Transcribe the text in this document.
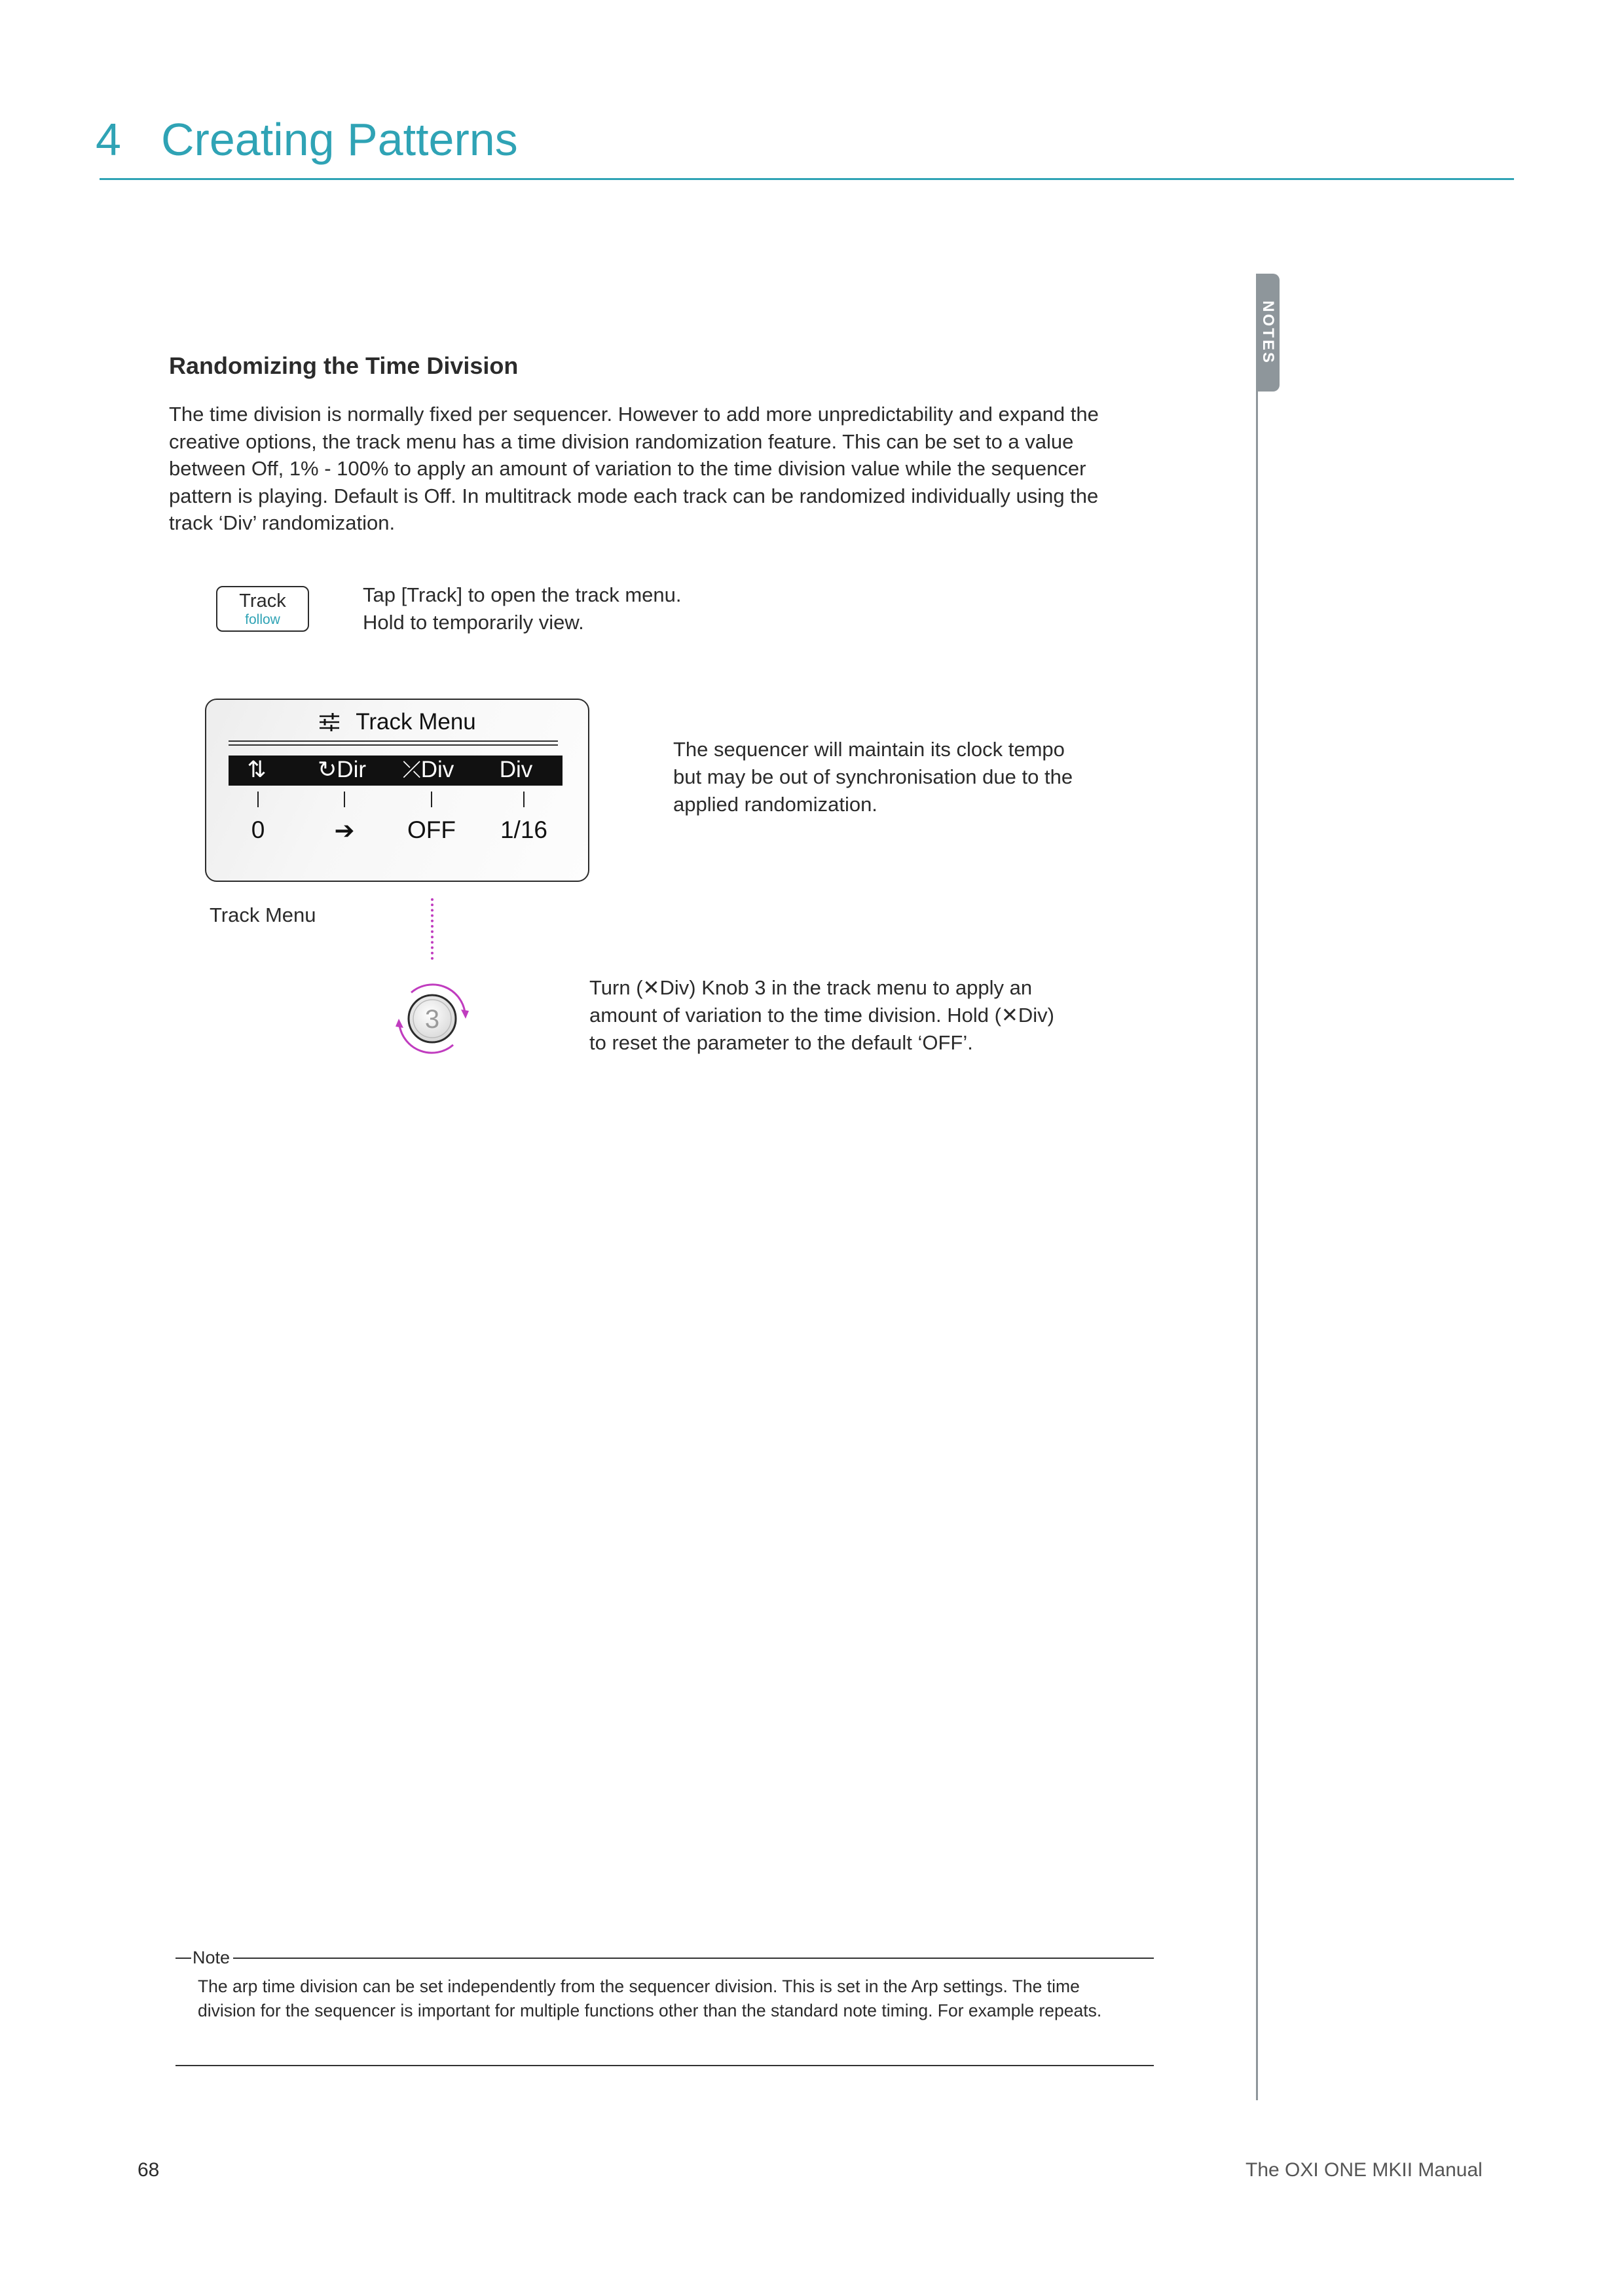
4 Creating Patterns
NOTES
Randomizing the Time Division
The time division is normally fixed per sequencer. However to add more unpredictability and expand the creative options, the track menu has a time division randomization feature. This can be set to a value between Off, 1% - 100% to apply an amount of variation to the time division value while the sequencer pattern is playing. Default is Off. In multitrack mode each track can be randomized individually using the track ‘Div’ randomization.
Track
follow
Tap [Track] to open the track menu.
Hold to temporarily view.
Track Menu
⇅	↻Dir	⤫Div	Div
0	➔	OFF	1/16
Track Menu
The sequencer will maintain its clock tempo
but may be out of synchronisation due to the
applied randomization.
3
Turn (✕Div) Knob 3 in the track menu to apply an
amount of variation to the time division. Hold (✕Div)
to reset the parameter to the default ‘OFF’.
Note
The arp time division can be set independently from the sequencer division. This is set in the Arp settings. The time division for the sequencer is important for multiple functions other than the standard note timing. For example repeats.
68	The OXI ONE MKII Manual
